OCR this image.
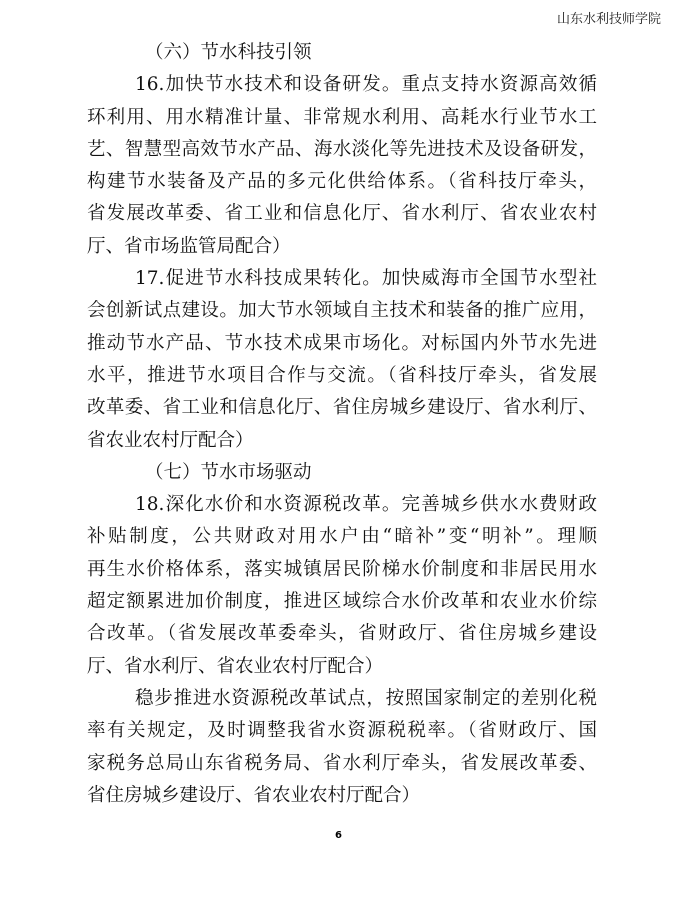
山东水利技师学院
（六）节水科技引领
16.加快节水技术和设备研发。重点支持水资源高效循
环利用、用水精准计量、非常规水利用、高耗水行业节水工
艺、智慧型高效节水产品、海水淡化等先进技术及设备研发，
构建节水装备及产品的多元化供给体系。（省科技厅牵头，
省发展改革委、省工业和信息化厅、省水利厅、省农业农村
厅、省市场监管局配合）
17.促进节水科技成果转化。加快威海市全国节水型社
会创新试点建设。加大节水领域自主技术和装备的推广应用，
推动节水产品、节水技术成果市场化。对标国内外节水先进
水平，推进节水项目合作与交流。（省科技厅牵头，省发展
改革委、省工业和信息化厅、省住房城乡建设厅、省水利厅、
省农业农村厅配合）
（七）节水市场驱动
18.深化水价和水资源税改革。完善城乡供水水费财政
补贴制度，公共财政对用水户由“暗补”变“明补”。理顺
再生水价格体系，落实城镇居民阶梯水价制度和非居民用水
超定额累进加价制度，推进区域综合水价改革和农业水价综
合改革。（省发展改革委牵头，省财政厅、省住房城乡建设
厅、省水利厅、省农业农村厅配合）
稳步推进水资源税改革试点，按照国家制定的差别化税
率有关规定，及时调整我省水资源税税率。（省财政厅、国
家税务总局山东省税务局、省水利厅牵头，省发展改革委、
省住房城乡建设厅、省农业农村厅配合）
6
